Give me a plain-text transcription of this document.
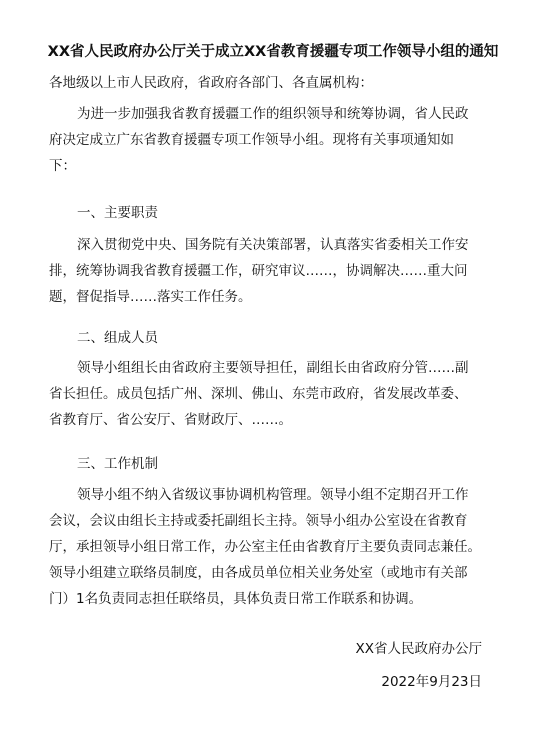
XX省人民政府办公厅关于成立XX省教育援疆专项工作领导小组的通知
各地级以上市人民政府，省政府各部门、各直属机构：
为进一步加强我省教育援疆工作的组织领导和统筹协调，省人民政
府决定成立广东省教育援疆专项工作领导小组。现将有关事项通知如
下：
一、主要职责
深入贯彻党中央、国务院有关决策部署，认真落实省委相关工作安
排，统筹协调我省教育援疆工作，研究审议……，协调解决……重大问
题，督促指导……落实工作任务。
二、组成人员
领导小组组长由省政府主要领导担任，副组长由省政府分管……副
省长担任。成员包括广州、深圳、佛山、东莞市政府，省发展改革委、
省教育厅、省公安厅、省财政厅、……。
三、工作机制
领导小组不纳入省级议事协调机构管理。领导小组不定期召开工作
会议，会议由组长主持或委托副组长主持。领导小组办公室设在省教育
厅，承担领导小组日常工作，办公室主任由省教育厅主要负责同志兼任。
领导小组建立联络员制度，由各成员单位相关业务处室（或地市有关部
门）1名负责同志担任联络员，具体负责日常工作联系和协调。
XX省人民政府办公厅
2022年9月23日
